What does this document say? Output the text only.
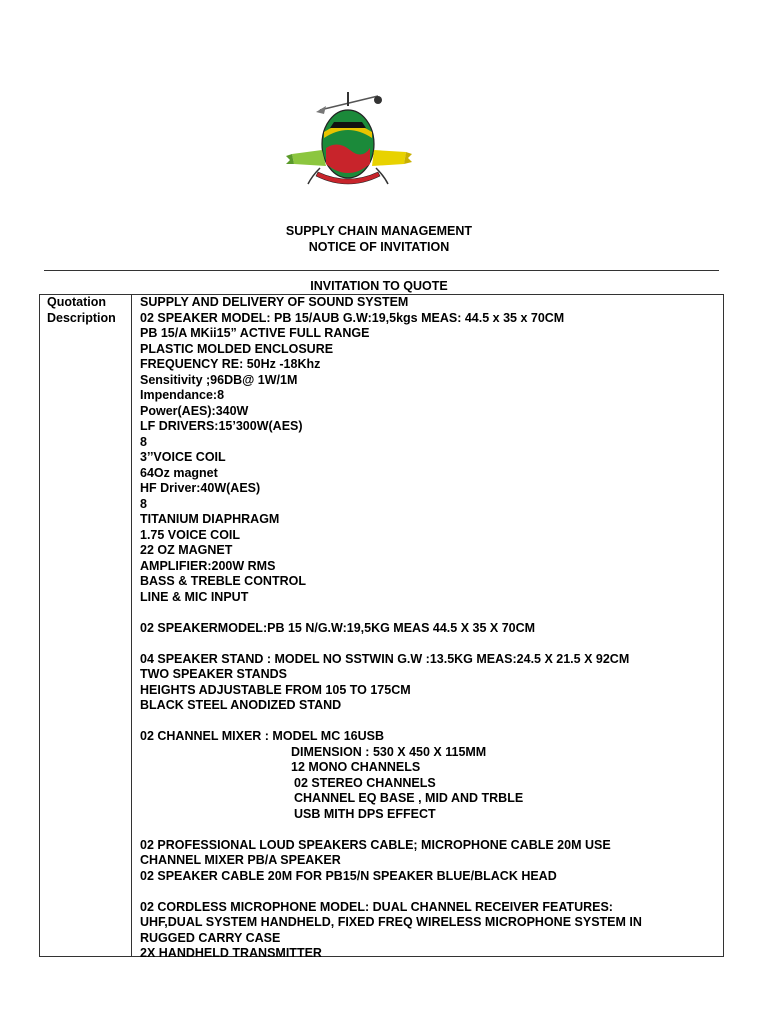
SUPPLY CHAIN MANAGEMENT
NOTICE OF INVITATION
INVITATION TO QUOTE
Quotation
Description
SUPPLY AND DELIVERY OF SOUND SYSTEM
02 SPEAKER MODEL: PB 15/AUB G.W:19,5kgs MEAS: 44.5 x 35 x 70CM
PB 15/A MKii15” ACTIVE FULL RANGE
PLASTIC MOLDED ENCLOSURE
FREQUENCY RE: 50Hz -18Khz
Sensitivity ;96DB@ 1W/1M
Impendance:8
Power(AES):340W
LF DRIVERS:15’300W(AES)
8
3’’VOICE COIL
64Oz magnet
HF Driver:40W(AES)
8
TITANIUM DIAPHRAGM
1.75 VOICE COIL
22 OZ MAGNET
AMPLIFIER:200W RMS
BASS & TREBLE CONTROL
LINE & MIC INPUT
02 SPEAKERMODEL:PB 15 N/G.W:19,5KG MEAS 44.5 X 35 X 70CM
04 SPEAKER STAND : MODEL NO SSTWIN G.W :13.5KG MEAS:24.5 X 21.5 X 92CM
TWO SPEAKER STANDS
HEIGHTS ADJUSTABLE FROM 105 TO 175CM
BLACK STEEL ANODIZED STAND
02 CHANNEL MIXER : MODEL MC 16USB
DIMENSION : 530 X 450 X 115MM
12 MONO CHANNELS
02 STEREO CHANNELS
CHANNEL EQ BASE , MID AND TRBLE
USB MITH DPS EFFECT
02 PROFESSIONAL LOUD SPEAKERS CABLE; MICROPHONE CABLE 20M USE
CHANNEL MIXER PB/A SPEAKER
02 SPEAKER CABLE 20M FOR PB15/N SPEAKER BLUE/BLACK HEAD
02 CORDLESS MICROPHONE MODEL: DUAL CHANNEL RECEIVER FEATURES:
UHF,DUAL SYSTEM HANDHELD, FIXED FREQ WIRELESS MICROPHONE SYSTEM IN
RUGGED CARRY CASE
2X HANDHELD TRANSMITTER
